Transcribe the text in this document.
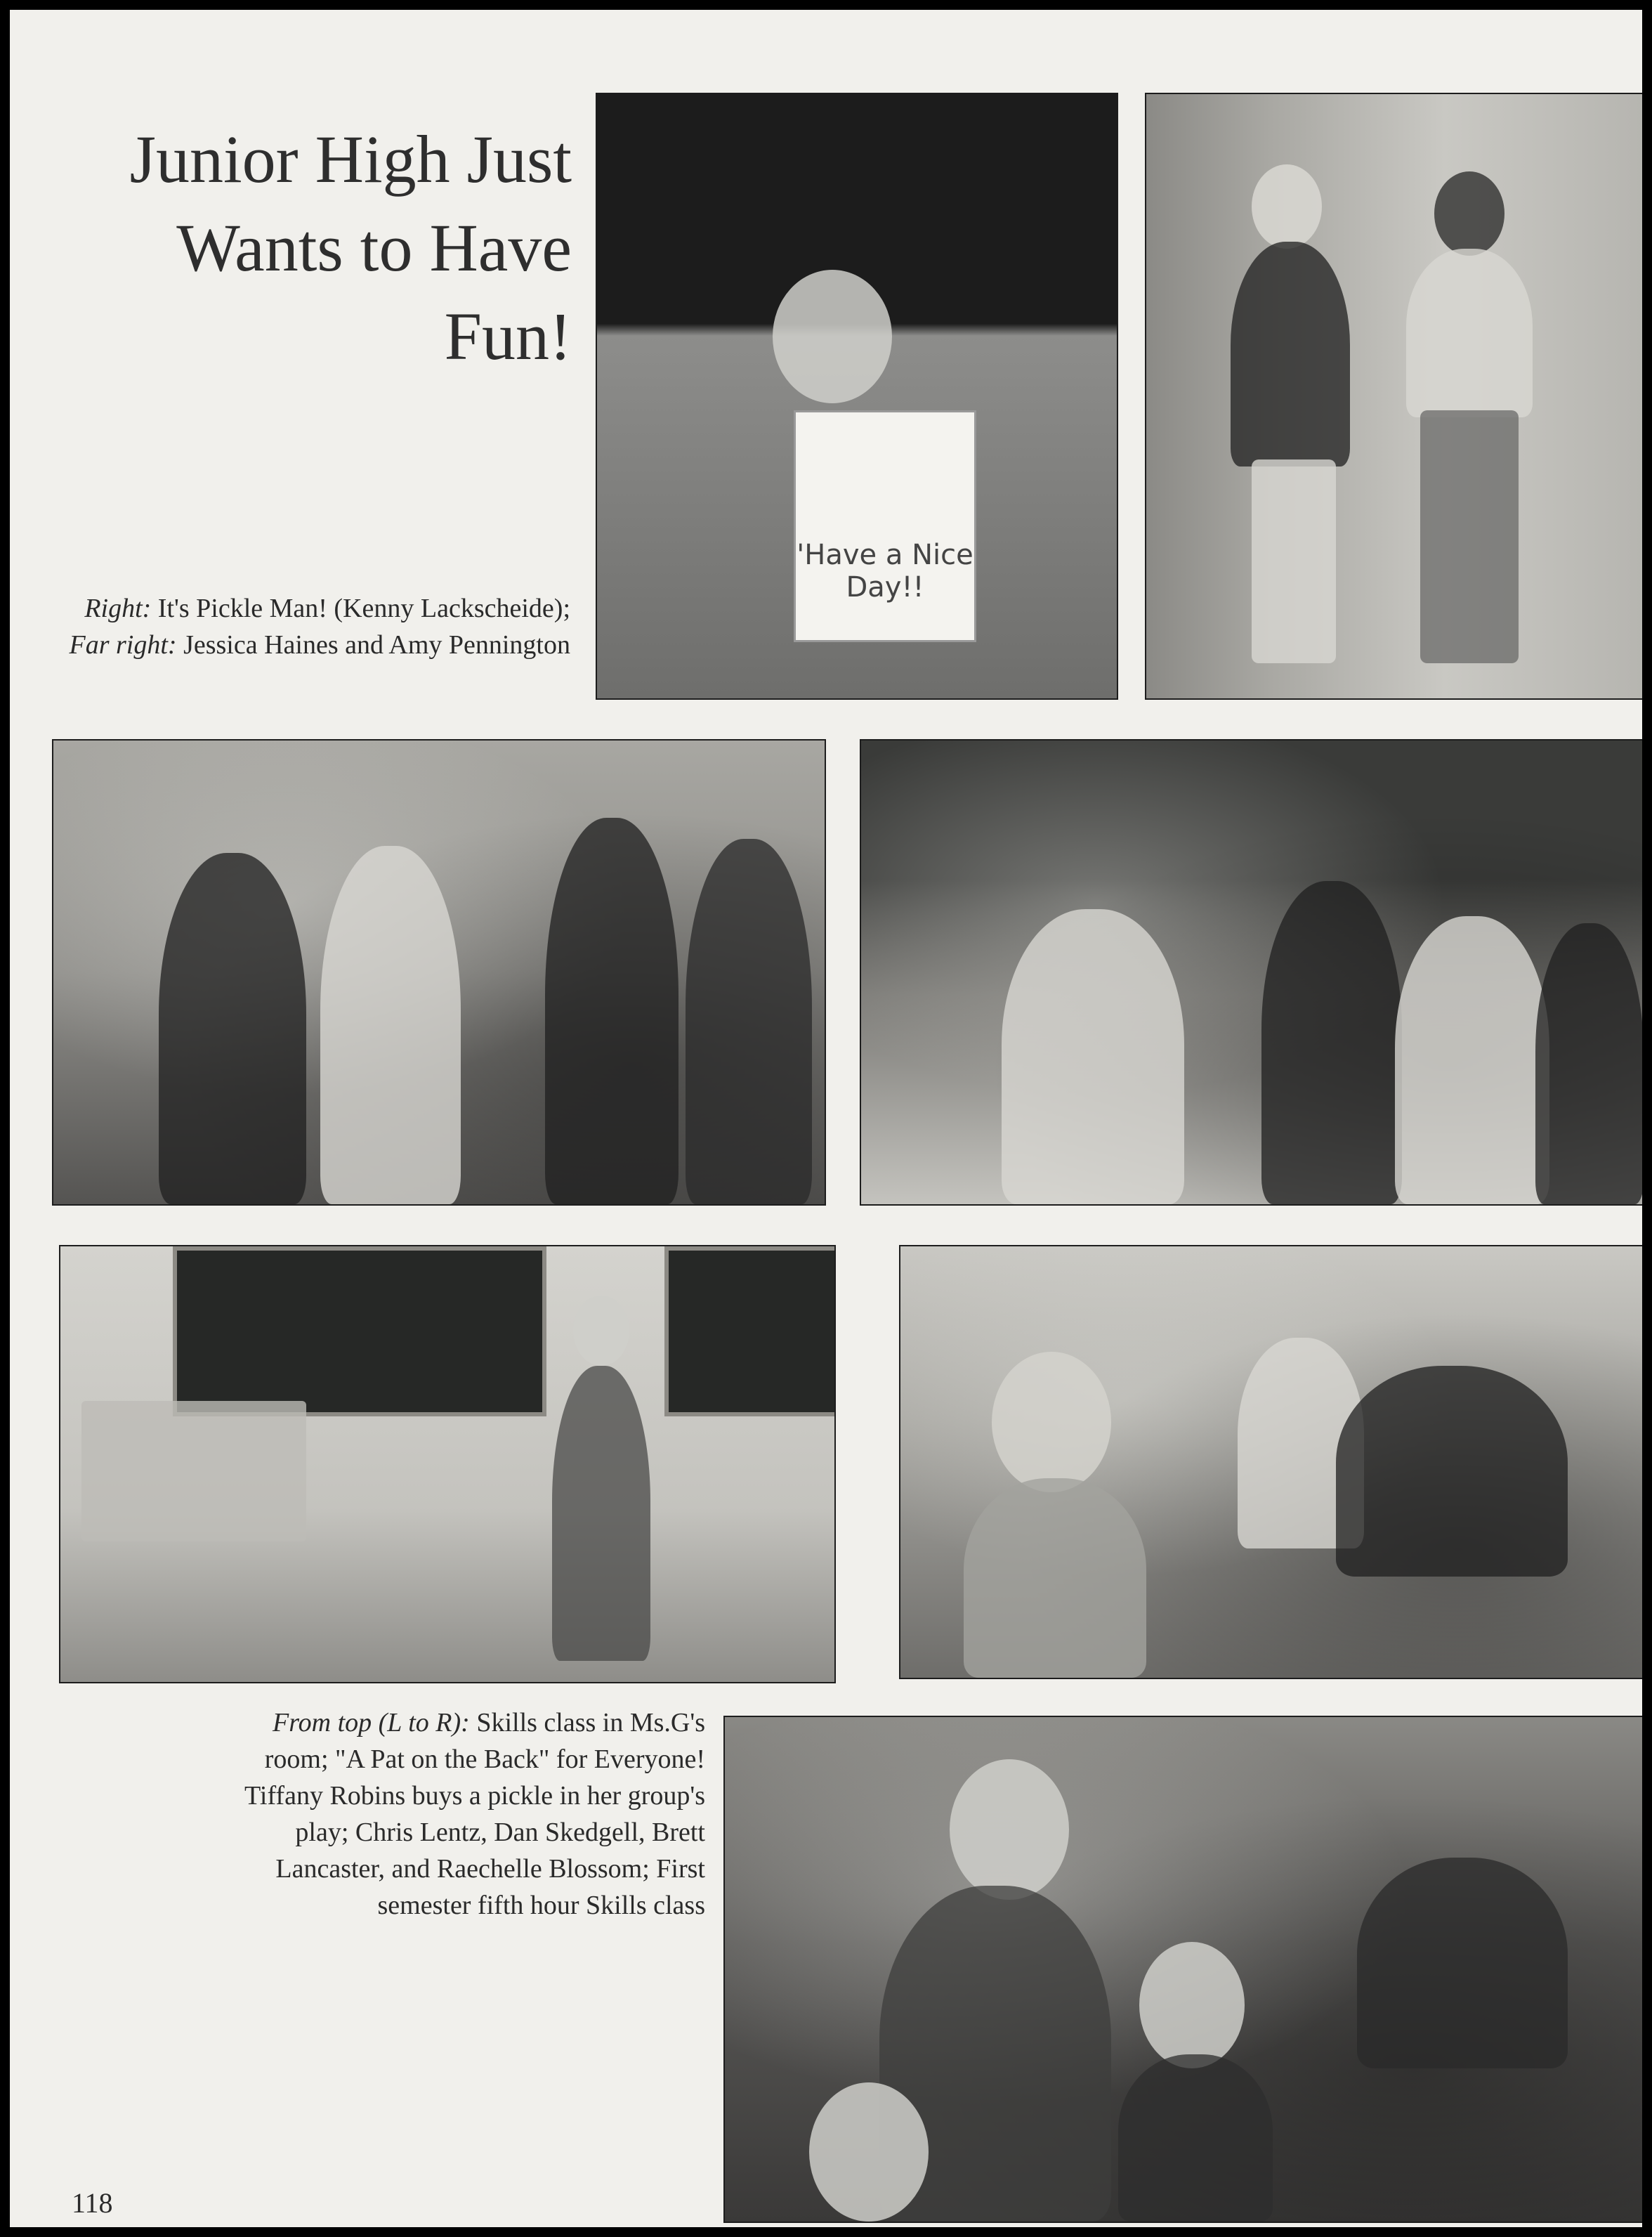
Junior High Just Wants to Have Fun!
Right: It's Pickle Man! (Kenny Lackscheide); Far right: Jessica Haines and Amy Pennington
'Have a Nice Day!!
From top (L to R): Skills class in Ms.G's room; "A Pat on the Back" for Everyone! Tiffany Robins buys a pickle in her group's play; Chris Lentz, Dan Skedgell, Brett Lancaster, and Raechelle Blossom; First semester fifth hour Skills class
118
